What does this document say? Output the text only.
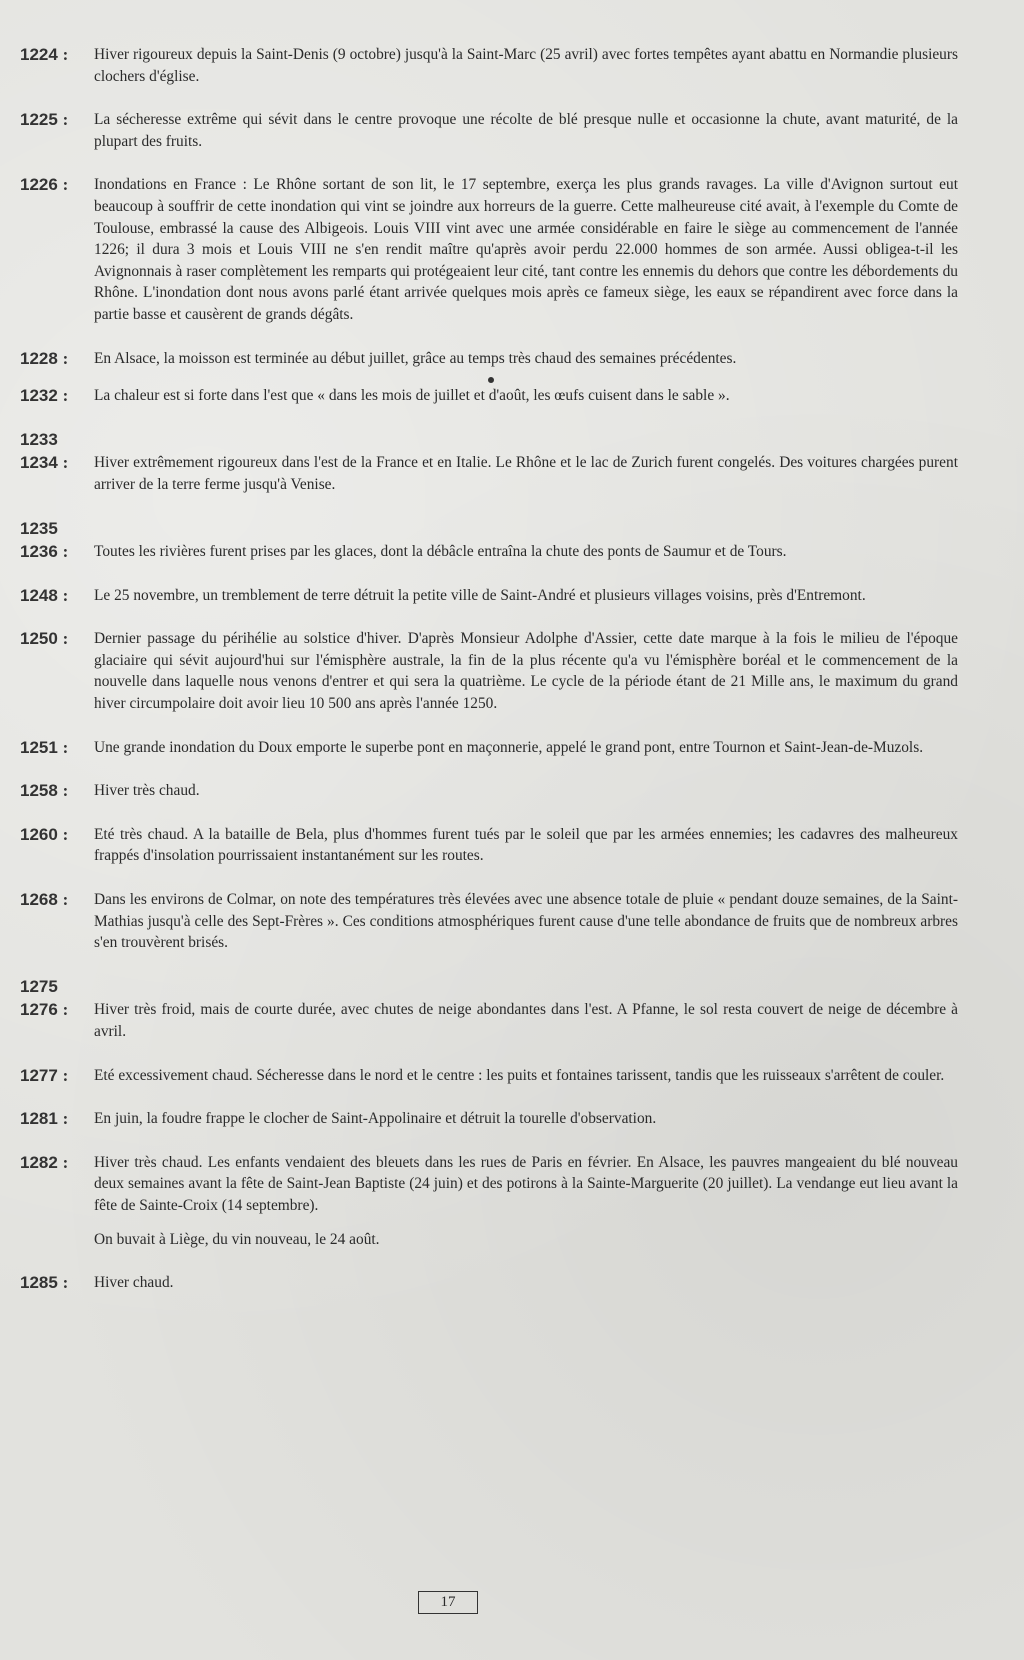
1224 : Hiver rigoureux depuis la Saint-Denis (9 octobre) jusqu'à la Saint-Marc (25 avril) avec fortes tempêtes ayant abattu en Normandie plusieurs clochers d'église.
1225 : La sécheresse extrême qui sévit dans le centre provoque une récolte de blé presque nulle et occasionne la chute, avant maturité, de la plupart des fruits.
1226 : Inondations en France : Le Rhône sortant de son lit, le 17 septembre, exerça les plus grands ravages. La ville d'Avignon surtout eut beaucoup à souffrir de cette inondation qui vint se joindre aux horreurs de la guerre. Cette malheureuse cité avait, à l'exemple du Comte de Toulouse, embrassé la cause des Albigeois. Louis VIII vint avec une armée considérable en faire le siège au commencement de l'année 1226; il dura 3 mois et Louis VIII ne s'en rendit maître qu'après avoir perdu 22.000 hommes de son armée. Aussi obligea-t-il les Avignonnais à raser complètement les remparts qui protégeaient leur cité, tant contre les ennemis du dehors que contre les débordements du Rhône. L'inondation dont nous avons parlé étant arrivée quelques mois après ce fameux siège, les eaux se répandirent avec force dans la partie basse et causèrent de grands dégâts.
1228 : En Alsace, la moisson est terminée au début juillet, grâce au temps très chaud des semaines précédentes.
1232 : La chaleur est si forte dans l'est que « dans les mois de juillet et d'août, les œufs cuisent dans le sable ».
1233
1234 : Hiver extrêmement rigoureux dans l'est de la France et en Italie. Le Rhône et le lac de Zurich furent congelés. Des voitures chargées purent arriver de la terre ferme jusqu'à Venise.
1235
1236 : Toutes les rivières furent prises par les glaces, dont la débâcle entraîna la chute des ponts de Saumur et de Tours.
1248 : Le 25 novembre, un tremblement de terre détruit la petite ville de Saint-André et plusieurs villages voisins, près d'Entremont.
1250 : Dernier passage du périhélie au solstice d'hiver. D'après Monsieur Adolphe d'Assier, cette date marque à la fois le milieu de l'époque glaciaire qui sévit aujourd'hui sur l'émisphère australe, la fin de la plus récente qu'a vu l'émisphère boréal et le commencement de la nouvelle dans laquelle nous venons d'entrer et qui sera la quatrième. Le cycle de la période étant de 21 Mille ans, le maximum du grand hiver circumpolaire doit avoir lieu 10 500 ans après l'année 1250.
1251 : Une grande inondation du Doux emporte le superbe pont en maçonnerie, appelé le grand pont, entre Tournon et Saint-Jean-de-Muzols.
1258 : Hiver très chaud.
1260 : Eté très chaud. A la bataille de Bela, plus d'hommes furent tués par le soleil que par les armées ennemies; les cadavres des malheureux frappés d'insolation pourrissaient instantanément sur les routes.
1268 : Dans les environs de Colmar, on note des températures très élevées avec une absence totale de pluie « pendant douze semaines, de la Saint-Mathias jusqu'à celle des Sept-Frères ». Ces conditions atmosphériques furent cause d'une telle abondance de fruits que de nombreux arbres s'en trouvèrent brisés.
1275
1276 : Hiver très froid, mais de courte durée, avec chutes de neige abondantes dans l'est. A Pfanne, le sol resta couvert de neige de décembre à avril.
1277 : Eté excessivement chaud. Sécheresse dans le nord et le centre : les puits et fontaines tarissent, tandis que les ruisseaux s'arrêtent de couler.
1281 : En juin, la foudre frappe le clocher de Saint-Appolinaire et détruit la tourelle d'observation.
1282 : Hiver très chaud. Les enfants vendaient des bleuets dans les rues de Paris en février. En Alsace, les pauvres mangeaient du blé nouveau deux semaines avant la fête de Saint-Jean Baptiste (24 juin) et des potirons à la Sainte-Marguerite (20 juillet). La vendange eut lieu avant la fête de Sainte-Croix (14 septembre).
On buvait à Liège, du vin nouveau, le 24 août.
1285 : Hiver chaud.
17
